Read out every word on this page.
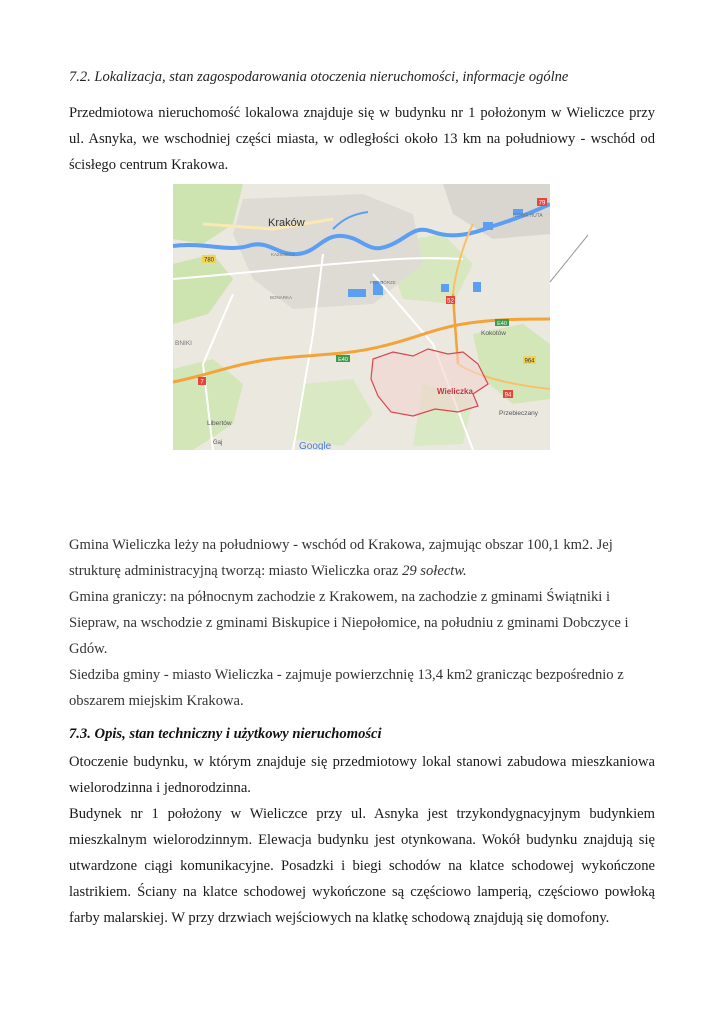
7.2. Lokalizacja, stan zagospodarowania otoczenia nieruchomości, informacje ogólne
Przedmiotowa nieruchomość lokalowa znajduje się w budynku nr 1 położonym w Wieliczce przy ul. Asnyka, we wschodniej części miasta, w odległości około 13 km na południowy - wschód od ścisłego centrum Krakowa.
780
7
52
79
E40
E40
964
94
Kraków
Wieliczka
Kokotów
Przebieczany
Libertów
Gaj
BNIKI
NOWA HUTA
KAZIMIERZ
PODGÓRZE
BONARKA
Google

Gmina Wieliczka leży na południowy - wschód od Krakowa, zajmując obszar 100,1 km2. Jej strukturę administracyjną tworzą: miasto Wieliczka oraz 29 sołectw.

Gmina graniczy: na północnym zachodzie z Krakowem, na zachodzie z gminami Świątniki i Siepraw, na wschodzie z gminami Biskupice i Niepołomice, na południu z gminami Dobczyce i Gdów.

Siedziba gminy - miasto Wieliczka - zajmuje powierzchnię 13,4 km2 granicząc bezpośrednio z obszarem miejskim Krakowa.

7.3. Opis, stan techniczny i użytkowy nieruchomości

Otoczenie budynku, w którym znajduje się przedmiotowy lokal stanowi zabudowa mieszkaniowa wielorodzinna i jednorodzinna.

Budynek nr 1 położony w Wieliczce przy ul. Asnyka jest trzykondygnacyjnym budynkiem mieszkalnym wielorodzinnym. Elewacja budynku jest otynkowana. Wokół budynku znajdują się utwardzone ciągi komunikacyjne. Posadzki i biegi schodów na klatce schodowej wykończone lastrikiem. Ściany na klatce schodowej wykończone są częściowo lamperią, częściowo powłoką farby malarskiej. W przy drzwiach wejściowych na klatkę schodową znajdują się domofony.
